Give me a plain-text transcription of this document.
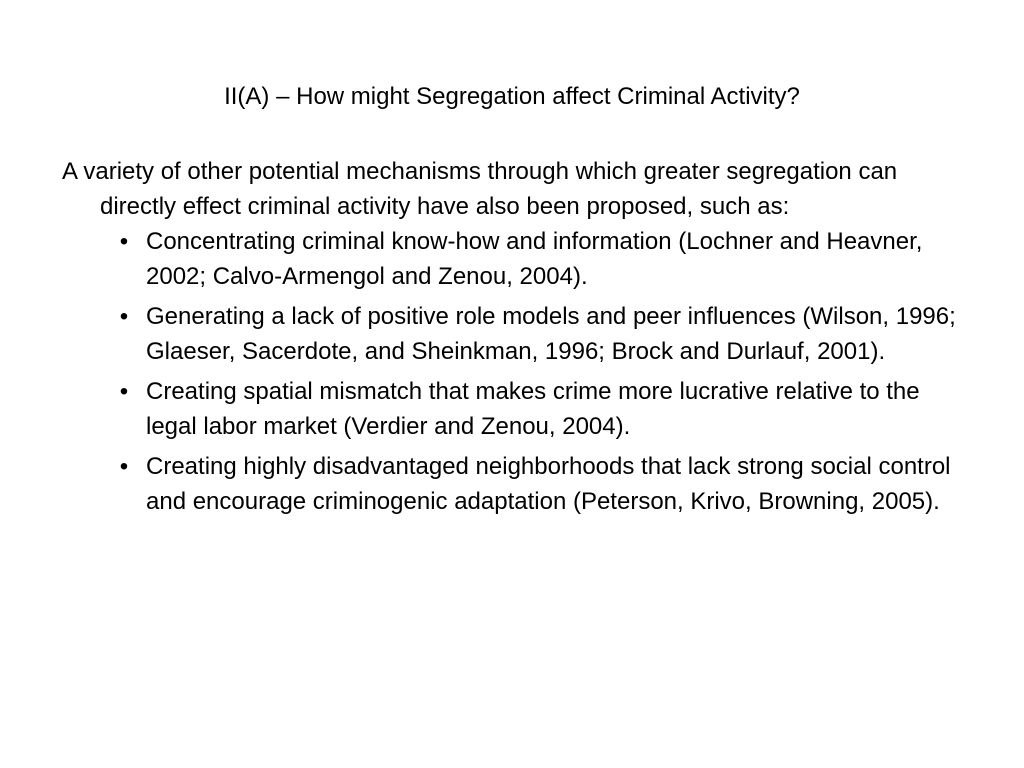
II(A) – How might Segregation affect Criminal Activity?

A variety of other potential mechanisms through which greater segregation can directly effect criminal activity have also been proposed, such as:

• Concentrating criminal know-how and information (Lochner and Heavner, 2002; Calvo-Armengol and Zenou, 2004).
• Generating a lack of positive role models and peer influences (Wilson, 1996; Glaeser, Sacerdote, and Sheinkman, 1996; Brock and Durlauf, 2001).
• Creating spatial mismatch that makes crime more lucrative relative to the legal labor market (Verdier and Zenou, 2004).
• Creating highly disadvantaged neighborhoods that lack strong social control and encourage criminogenic adaptation (Peterson, Krivo, Browning, 2005).
